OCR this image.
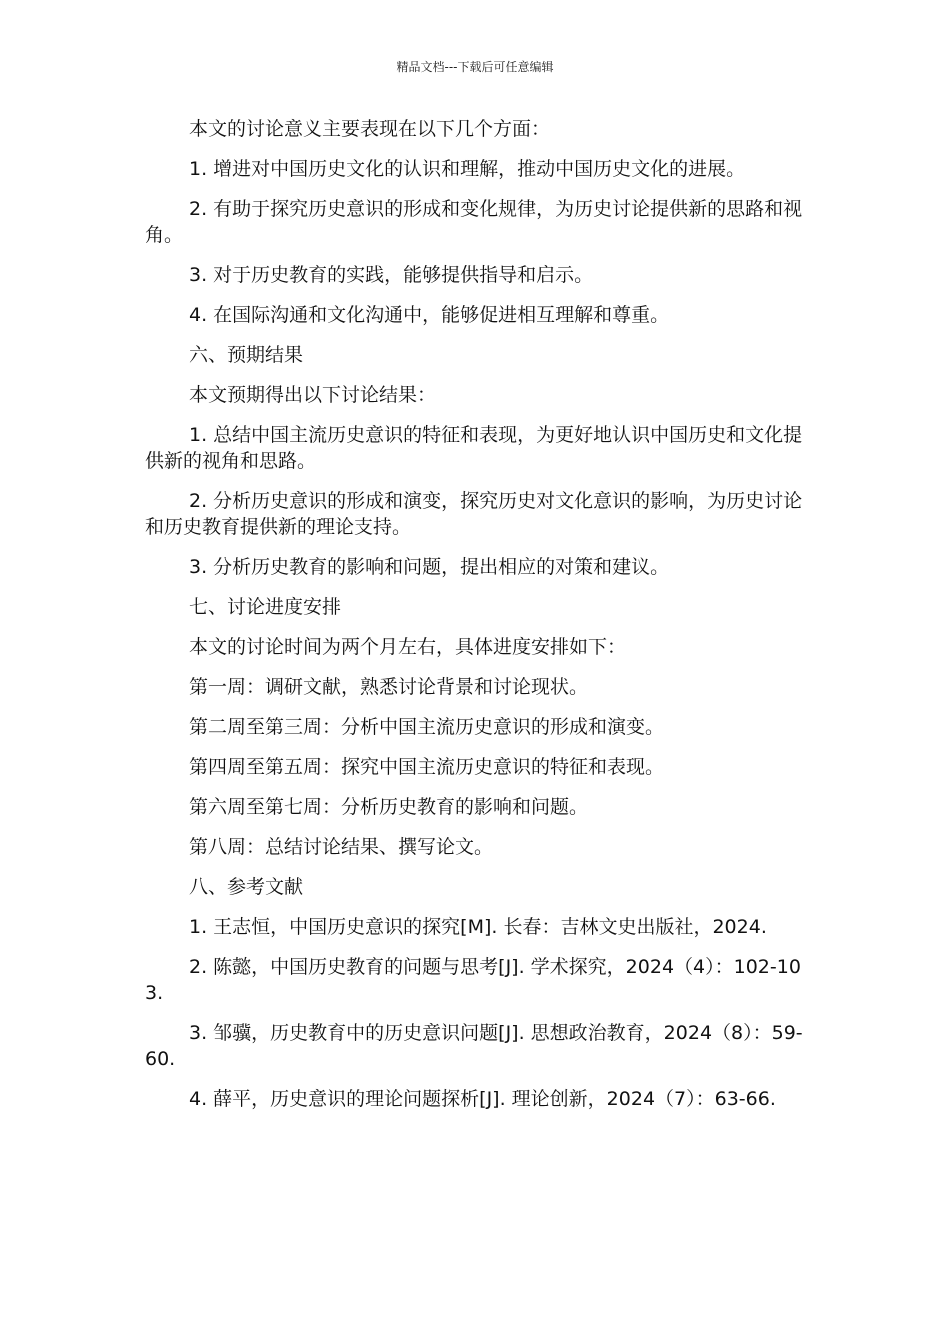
精品文档---下载后可任意编辑

本文的讨论意义主要表现在以下几个方面：

1. 增进对中国历史文化的认识和理解，推动中国历史文化的进展。

2. 有助于探究历史意识的形成和变化规律，为历史讨论提供新的思路和视角。

3. 对于历史教育的实践，能够提供指导和启示。

4. 在国际沟通和文化沟通中，能够促进相互理解和尊重。

六、预期结果

本文预期得出以下讨论结果：

1. 总结中国主流历史意识的特征和表现，为更好地认识中国历史和文化提供新的视角和思路。

2. 分析历史意识的形成和演变，探究历史对文化意识的影响，为历史讨论和历史教育提供新的理论支持。

3. 分析历史教育的影响和问题，提出相应的对策和建议。

七、讨论进度安排

本文的讨论时间为两个月左右，具体进度安排如下：

第一周：调研文献，熟悉讨论背景和讨论现状。

第二周至第三周：分析中国主流历史意识的形成和演变。

第四周至第五周：探究中国主流历史意识的特征和表现。

第六周至第七周：分析历史教育的影响和问题。

第八周：总结讨论结果、撰写论文。

八、参考文献

1. 王志恒，中国历史意识的探究[M]. 长春：吉林文史出版社，2024.

2. 陈懿，中国历史教育的问题与思考[J]. 学术探究，2024（4）：102-103.

3. 邹骥，历史教育中的历史意识问题[J]. 思想政治教育，2024（8）：59-60.

4. 薛平，历史意识的理论问题探析[J]. 理论创新，2024（7）：63-66.
